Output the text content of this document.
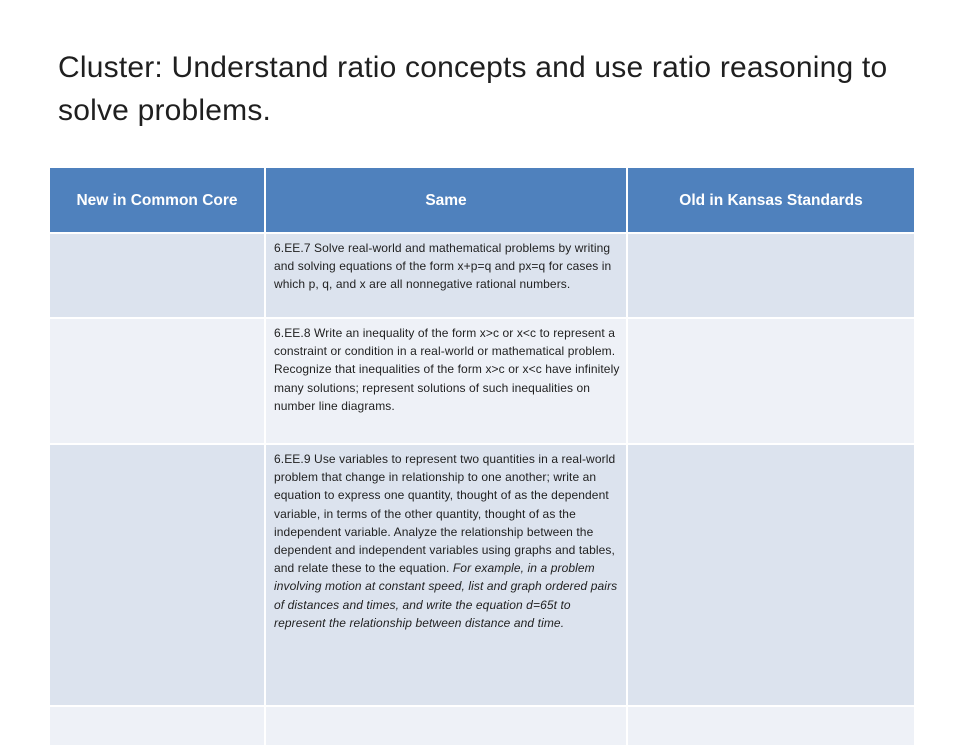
Cluster: Understand ratio concepts and use ratio reasoning to solve problems.
New in Common Core	Same	Old in Kansas Standards

	6.EE.7 Solve real-world and mathematical problems by writing and solving equations of the form x+p=q and px=q for cases in which p, q, and x are all nonnegative rational numbers.	

	6.EE.8 Write an inequality of the form x>c or x<c to represent a constraint or condition in a real-world or mathematical problem. Recognize that inequalities of the form x>c or x<c have infinitely many solutions; represent solutions of such inequalities on number line diagrams.	

	6.EE.9 Use variables to represent two quantities in a real-world problem that change in relationship to one another; write an equation to express one quantity, thought of as the dependent variable, in terms of the other quantity, thought of as the independent variable. Analyze the relationship between the dependent and independent variables using graphs and tables, and relate these to the equation. For example, in a problem involving motion at constant speed, list and graph ordered pairs of distances and times, and write the equation d=65t to represent the relationship between distance and time.	
